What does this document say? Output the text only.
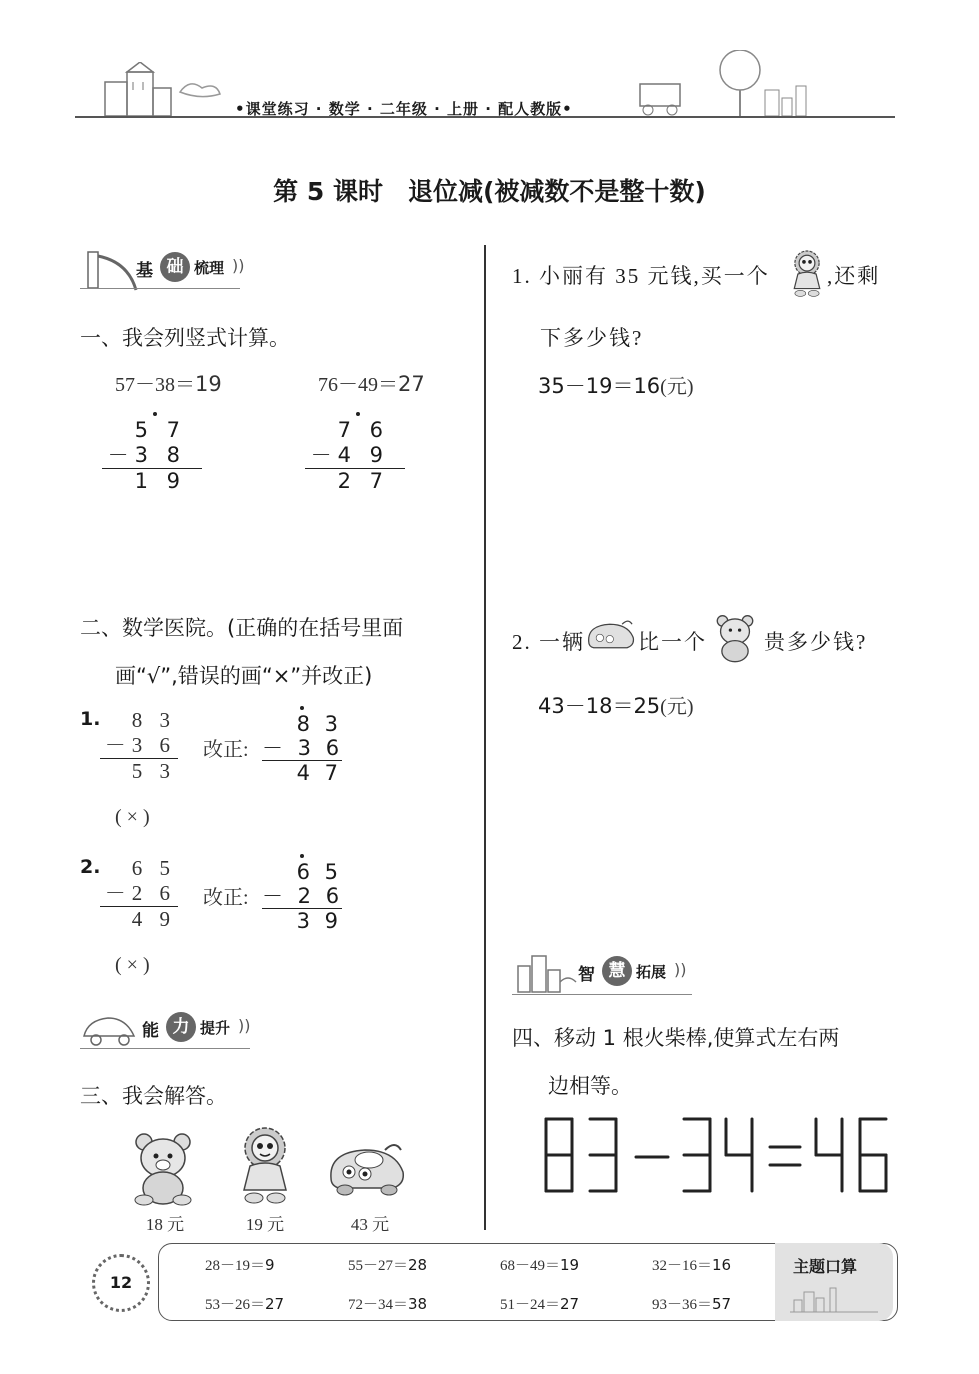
•课堂练习 · 数学 · 二年级 · 上册 · 配人教版•
第 5 课时　退位减(被减数不是整十数)
基 础 梳理 ))
一、我会列竖式计算。
57－38＝19	76－49＝27
5 7
－3 8
1 9
7 6
－4 9
2 7
二、数学医院。(正确的在括号里面
画“√”,错误的画“×”并改正)
1.	8 3
－3 6
5 3
改正:
8 3
－ 3 6
4 7
( × )
2.	6 5
－2 6
4 9
改正:
6 5
－ 2 6
3 9
( × )
能 力 提升 ))
三、我会解答。
18 元	19 元	43 元
1. 小丽有 35 元钱,买一个	,还剩
下多少钱?
35－19＝16(元)
2. 一辆	比一个	贵多少钱?
43－18＝25(元)
智 慧 拓展 ))
四、移动 1 根火柴棒,使算式左右两
边相等。
12
主题口算
28－19＝9	55－27＝28	68－49＝19	32－16＝16
53－26＝27	72－34＝38	51－24＝27	93－36＝57
